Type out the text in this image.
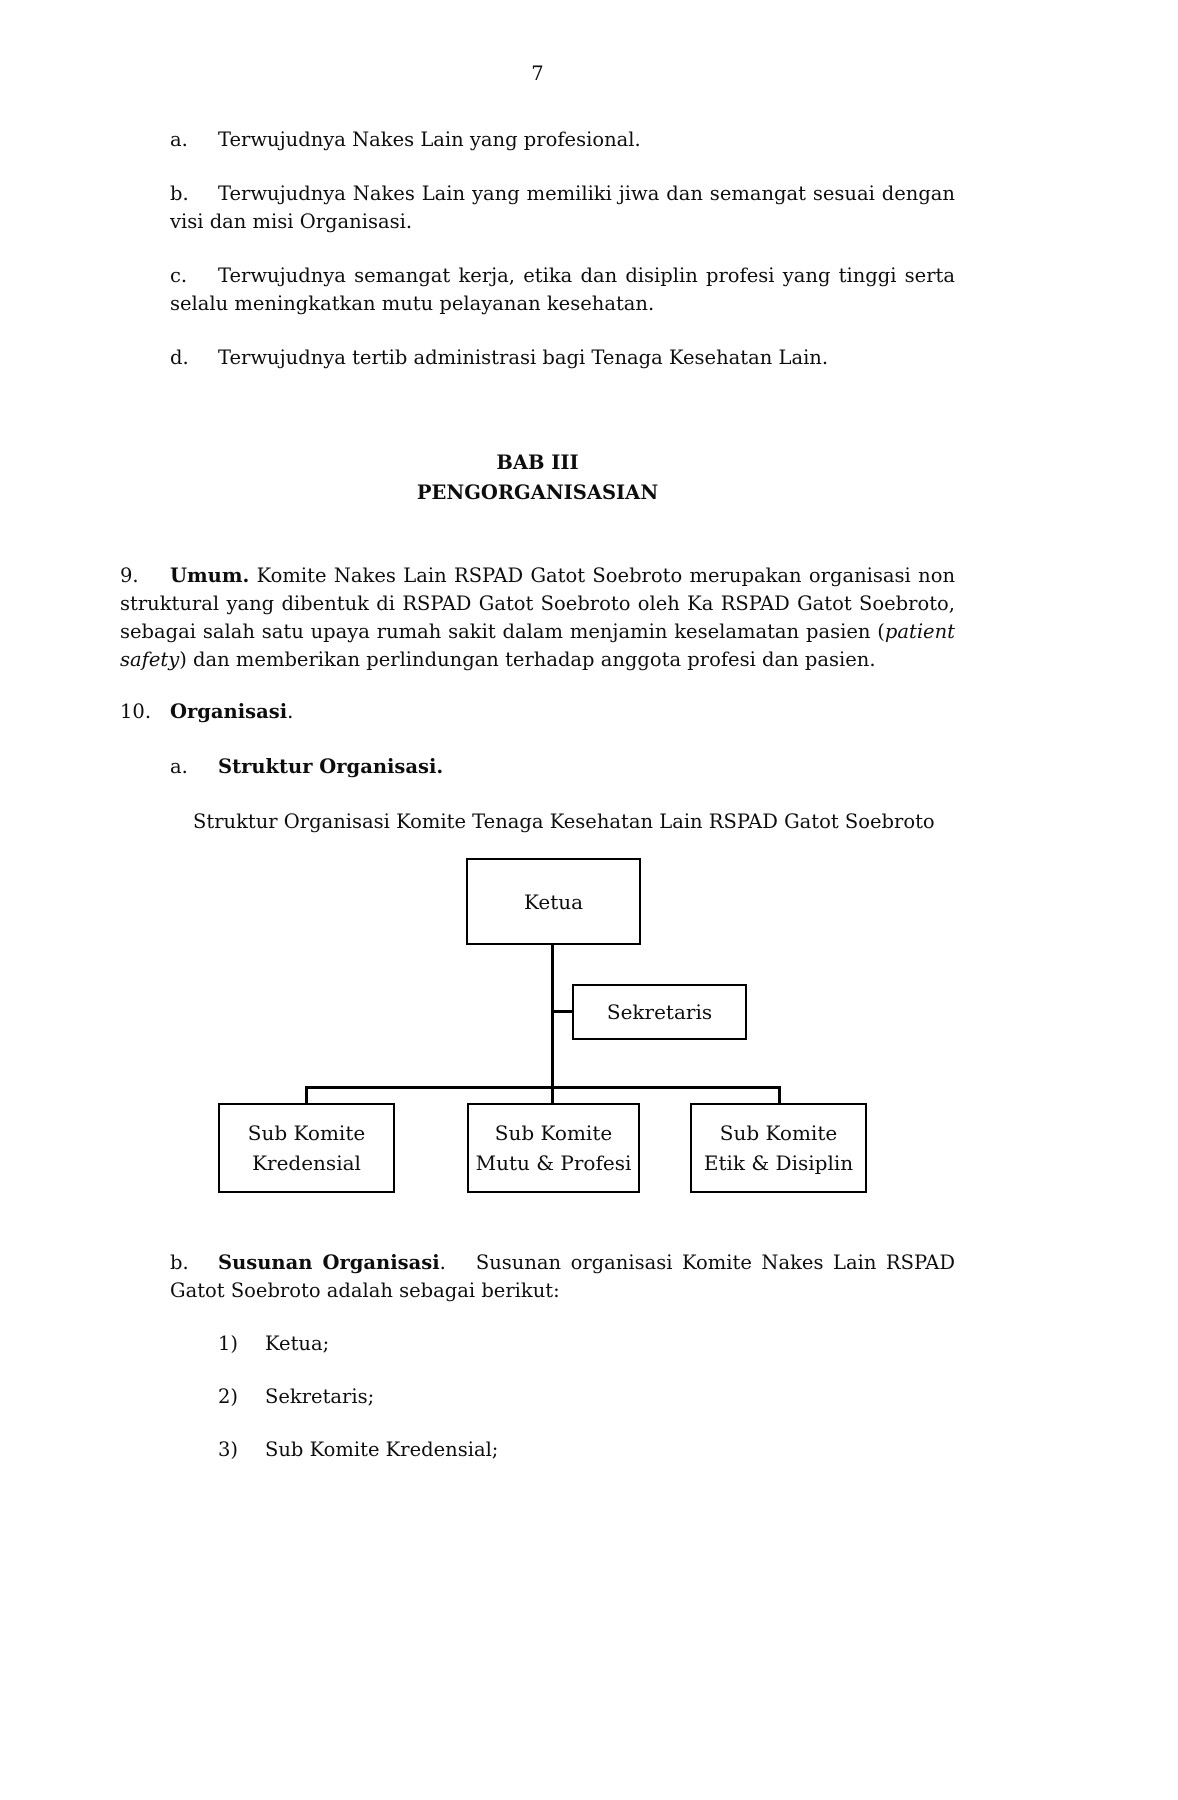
7

a. Terwujudnya Nakes Lain yang profesional.

b. Terwujudnya Nakes Lain yang memiliki jiwa dan semangat sesuai dengan visi dan misi Organisasi.

c. Terwujudnya semangat kerja, etika dan disiplin profesi yang tinggi serta selalu meningkatkan mutu pelayanan kesehatan.

d. Terwujudnya tertib administrasi bagi Tenaga Kesehatan Lain.

BAB III
PENGORGANISASIAN

9. Umum. Komite Nakes Lain RSPAD Gatot Soebroto merupakan organisasi non struktural yang dibentuk di RSPAD Gatot Soebroto oleh Ka RSPAD Gatot Soebroto, sebagai salah satu upaya rumah sakit dalam menjamin keselamatan pasien (patient safety) dan memberikan perlindungan terhadap anggota profesi dan pasien.

10. Organisasi.

a. Struktur Organisasi.

Struktur Organisasi Komite Tenaga Kesehatan Lain RSPAD Gatot Soebroto

Ketua
Sekretaris
Sub Komite
Kredensial
Sub Komite
Mutu & Profesi
Sub Komite
Etik & Disiplin

b. Susunan Organisasi. Susunan organisasi Komite Nakes Lain RSPAD Gatot Soebroto adalah sebagai berikut:

1) Ketua;

2) Sekretaris;

3) Sub Komite Kredensial;
